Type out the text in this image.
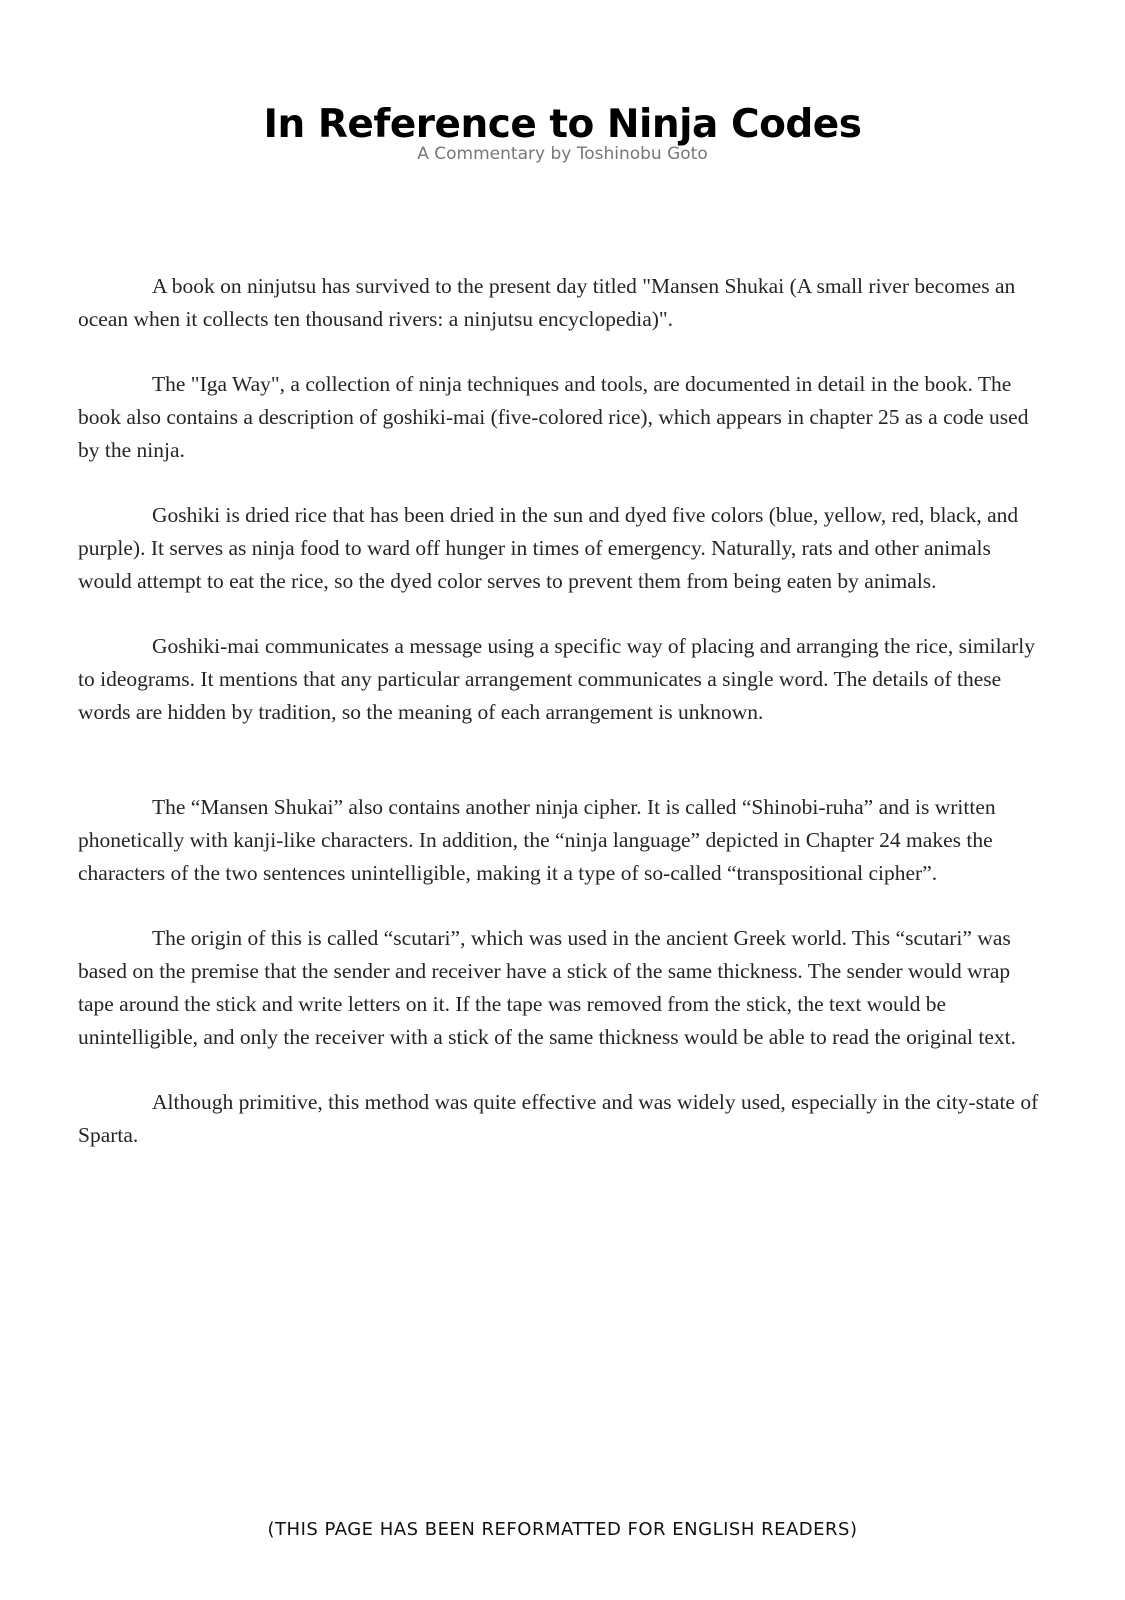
In Reference to Ninja Codes

A Commentary by Toshinobu Goto

A book on ninjutsu has survived to the present day titled "Mansen Shukai (A small river becomes an ocean when it collects ten thousand rivers: a ninjutsu encyclopedia)".

The "Iga Way", a collection of ninja techniques and tools, are documented in detail in the book. The book also contains a description of goshiki-mai (five-colored rice), which appears in chapter 25 as a code used by the ninja.

Goshiki is dried rice that has been dried in the sun and dyed five colors (blue, yellow, red, black, and purple). It serves as ninja food to ward off hunger in times of emergency. Naturally, rats and other animals would attempt to eat the rice, so the dyed color serves to prevent them from being eaten by animals.

Goshiki-mai communicates a message using a specific way of placing and arranging the rice, similarly to ideograms. It mentions that any particular arrangement communicates a single word. The details of these words are hidden by tradition, so the meaning of each arrangement is unknown.

The “Mansen Shukai” also contains another ninja cipher. It is called “Shinobi-ruha” and is written phonetically with kanji-like characters. In addition, the “ninja language” depicted in Chapter 24 makes the characters of the two sentences unintelligible, making it a type of so-called “transpositional cipher”.

The origin of this is called “scutari”, which was used in the ancient Greek world. This “scutari” was based on the premise that the sender and receiver have a stick of the same thickness. The sender would wrap tape around the stick and write letters on it. If the tape was removed from the stick, the text would be unintelligible, and only the receiver with a stick of the same thickness would be able to read the original text.

Although primitive, this method was quite effective and was widely used, especially in the city-state of Sparta.

(THIS PAGE HAS BEEN REFORMATTED FOR ENGLISH READERS)
